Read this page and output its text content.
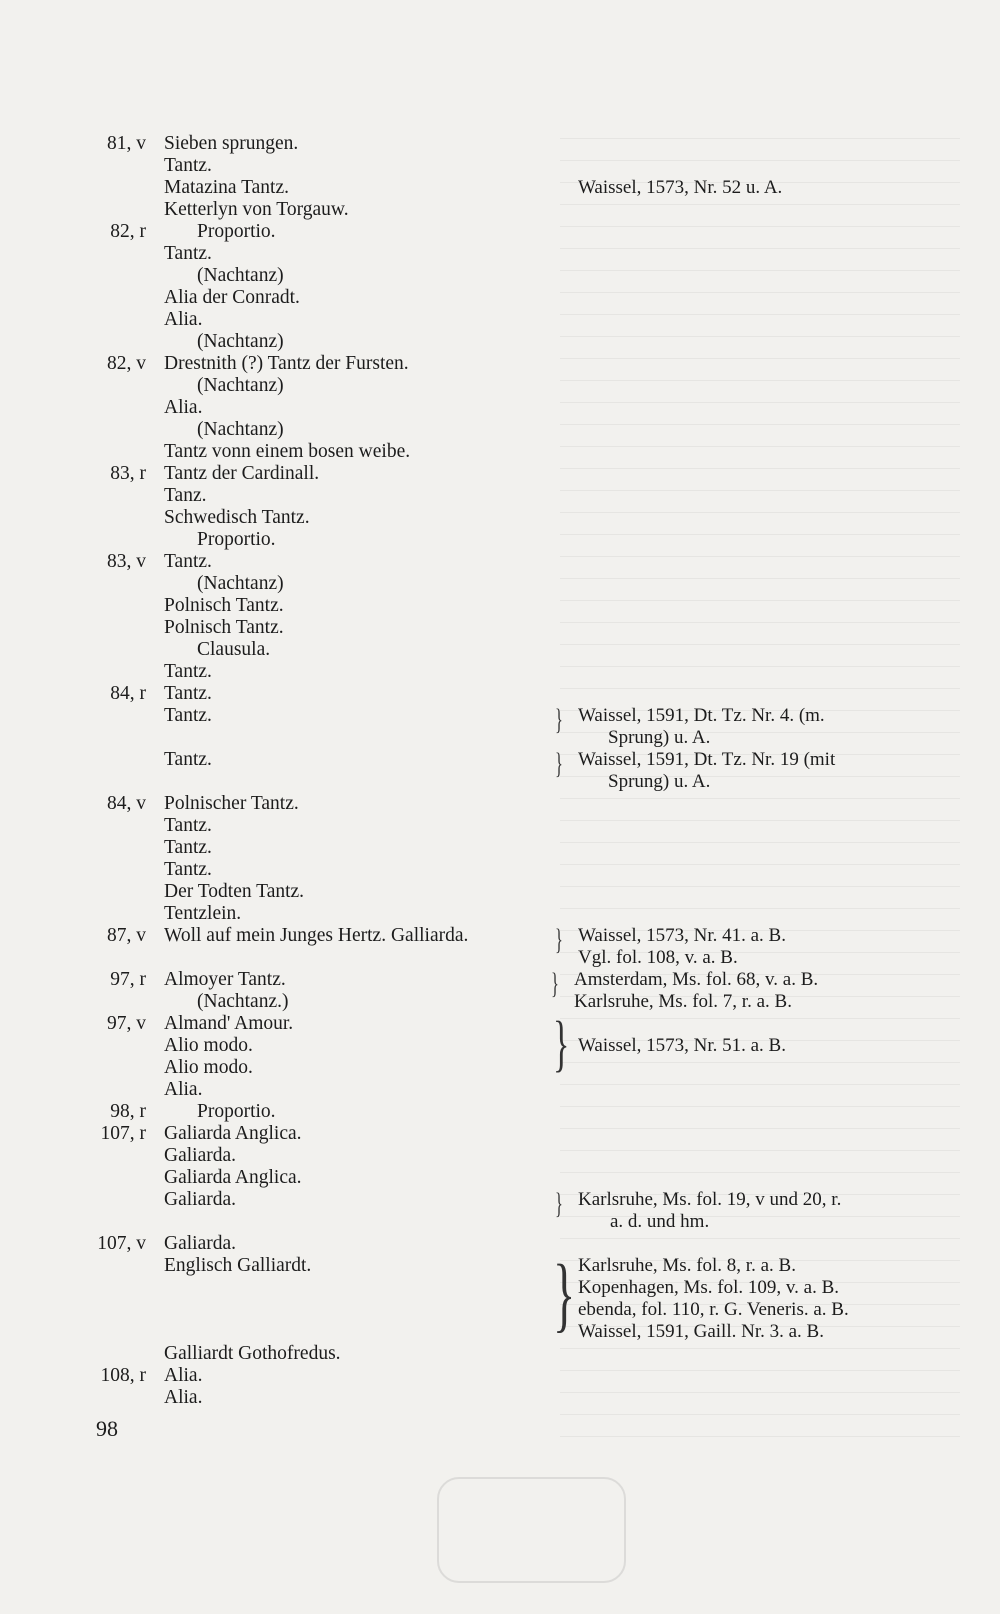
81, v Sieben sprungen.
Tantz.
Matazina Tantz.
Ketterlyn von Torgauw.
82, r	Proportio.
Tantz.
(Nachtanz)
Alia der Conradt.
Alia.
(Nachtanz)
82, v Drestnith (?) Tantz der Fursten.
(Nachtanz)
Alia.
(Nachtanz)
Tantz vonn einem bosen weibe.
83, r Tantz der Cardinall.
Tanz.
Schwedisch Tantz.
Proportio.
83, v Tantz.
(Nachtanz)
Polnisch Tantz.
Polnisch Tantz.
Clausula.
Tantz.
84, r Tantz.
Tantz.
Tantz.
84, v Polnischer Tantz.
Tantz.
Tantz.
Tantz.
Der Todten Tantz.
Tentzlein.
87, v Woll auf mein Junges Hertz. Galliarda.
97, r Almoyer Tantz.
(Nachtanz.)
97, v Almand' Amour.
Alio modo.
Alio modo.
Alia.
98, r	Proportio.
107, r Galiarda Anglica.
Galiarda.
Galiarda Anglica.
Galiarda.
107, v Galiarda.
Englisch Galliardt.
Galliardt Gothofredus.
108, r Alia.
Alia.
Waissel, 1573, Nr. 52 u. A.
} Waissel, 1591, Dt. Tz. Nr. 4. (m.
Sprung) u. A.
} Waissel, 1591, Dt. Tz. Nr. 19 (mit
Sprung) u. A.
} Waissel, 1573, Nr. 41. a. B.
Vgl. fol. 108, v. a. B.
} Amsterdam, Ms. fol. 68, v. a. B.
Karlsruhe, Ms. fol. 7, r. a. B.
} Waissel, 1573, Nr. 51. a. B.
} Karlsruhe, Ms. fol. 19, v und 20, r.
a. d. und hm.
} Karlsruhe, Ms. fol. 8, r. a. B.
Kopenhagen, Ms. fol. 109, v. a. B.
ebenda, fol. 110, r. G. Veneris. a. B.
Waissel, 1591, Gaill. Nr. 3. a. B.
98
